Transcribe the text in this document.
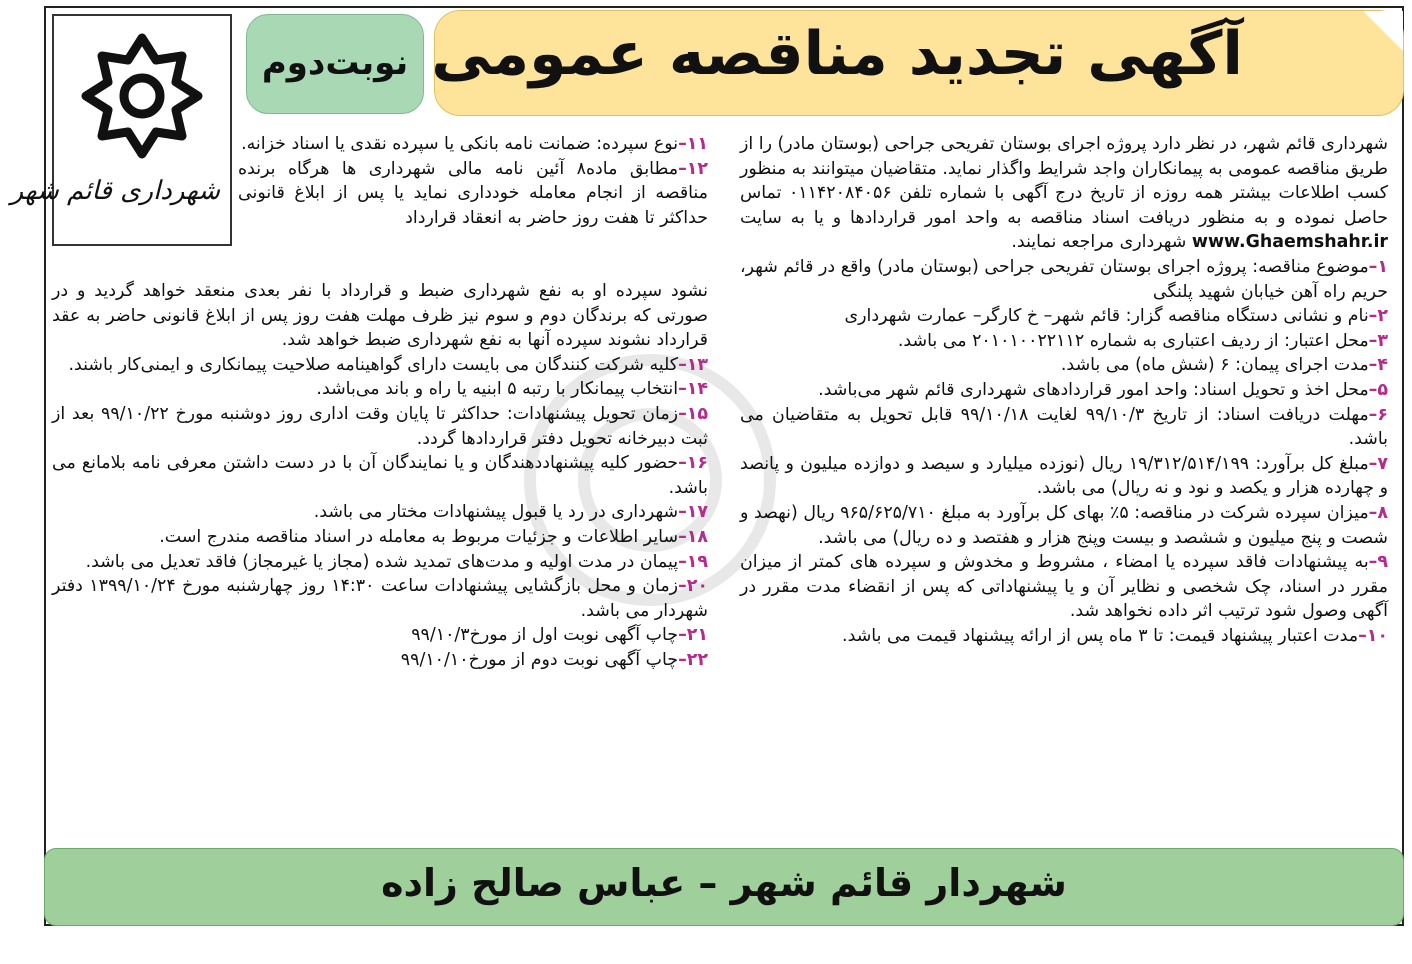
آگهی تجدید مناقصه عمومی
نوبت‌دوم
شهرداری قائم شهر

شهرداری قائم شهر، در نظر دارد پروژه اجرای بوستان تفریحی جراحی (بوستان مادر) را از طریق مناقصه عمومی به پیمانکاران واجد شرایط واگذار نماید. متقاضیان میتوانند به منظور کسب اطلاعات بیشتر همه روزه از تاریخ درج آگهی با شماره تلفن ۰۱۱۴۲۰۸۴۰۵۶ تماس حاصل نموده و به منظور دریافت اسناد مناقصه به واحد امور قراردادها و یا به سایت www.Ghaemshahr.ir شهرداری مراجعه نمایند.

۱–موضوع مناقصه: پروژه اجرای بوستان تفریحی جراحی (بوستان مادر) واقع در قائم شهر، حریم راه آهن خیابان شهید پلنگی

۲–نام و نشانی دستگاه مناقصه گزار: قائم شهر– خ کارگر– عمارت شهرداری

۳–محل اعتبار: از ردیف اعتباری به شماره ۲۰۱۰۱۰۰۲۲۱۱۲ می باشد.

۴–مدت اجرای پیمان: ۶ (شش ماه) می باشد.

۵–محل اخذ و تحویل اسناد: واحد امور قراردادهای شهرداری قائم شهر می‌باشد.

۶–مهلت دریافت اسناد: از تاریخ ۹۹/۱۰/۳ لغایت ۹۹/۱۰/۱۸ قابل تحویل به متقاضیان می باشد.

۷–مبلغ کل برآورد: ۱۹/۳۱۲/۵۱۴/۱۹۹ ریال (نوزده میلیارد و سیصد و دوازده میلیون و پانصد و چهارده هزار و یکصد و نود و نه ریال) می باشد.

۸–میزان سپرده شرکت در مناقصه: ۵٪ بهای کل برآورد به مبلغ ۹۶۵/۶۲۵/۷۱۰ ریال (نهصد و شصت و پنج میلیون و ششصد و بیست وپنج هزار و هفتصد و ده ریال) می باشد.

۹–به پیشنهادات فاقد سپرده یا امضاء ، مشروط و مخدوش و سپرده های کمتر از میزان مقرر در اسناد، چک شخصی و نظایر آن و یا پیشنهاداتی که پس از انقضاء مدت مقرر در آگهی وصول شود ترتیب اثر داده نخواهد شد.

۱۰–مدت اعتبار پیشنهاد قیمت: تا ۳ ماه پس از ارائه پیشنهاد قیمت می باشد.

۱۱–نوع سپرده: ضمانت نامه بانکی یا سپرده نقدی یا اسناد خزانه.

۱۲–مطابق ماده۸ آئین نامه مالی شهرداری ها هرگاه برنده مناقصه از انجام معامله خودداری نماید یا پس از ابلاغ قانونی حداکثر تا هفت روز حاضر به انعقاد قرارداد

نشود سپرده او به نفع شهرداری ضبط و قرارداد با نفر بعدی منعقد خواهد گردید و در صورتی که برندگان دوم و سوم نیز ظرف مهلت هفت روز پس از ابلاغ قانونی حاضر به عقد قرارداد نشوند سپرده آنها به نفع شهرداری ضبط خواهد شد.

۱۳–کلیه شرکت کنندگان می بایست دارای گواهینامه صلاحیت پیمانکاری و ایمنی‌کار باشند.

۱۴–انتخاب پیمانکار با رتبه ۵ ابنیه یا راه و باند می‌باشد.

۱۵–زمان تحویل پیشنهادات: حداکثر تا پایان وقت اداری روز دوشنبه مورخ ۹۹/۱۰/۲۲ بعد از ثبت دبیرخانه تحویل دفتر قراردادها گردد.

۱۶–حضور کلیه پیشنهاددهندگان و یا نمایندگان آن با در دست داشتن معرفی نامه بلامانع می باشد.

۱۷–شهرداری در رد یا قبول پیشنهادات مختار می باشد.

۱۸–سایر اطلاعات و جزئیات مربوط به معامله در اسناد مناقصه مندرج است.

۱۹–پیمان در مدت اولیه و مدت‌های تمدید شده (مجاز یا غیرمجاز) فاقد تعدیل می باشد.

۲۰–زمان و محل بازگشایی پیشنهادات ساعت ۱۴:۳۰ روز چهارشنبه مورخ ۱۳۹۹/۱۰/۲۴ دفتر شهردار می باشد.

۲۱–چاپ آگهی نوبت اول از مورخ۹۹/۱۰/۳

۲۲–چاپ آگهی نوبت دوم از مورخ۹۹/۱۰/۱۰

شهردار قائم شهر – عباس صالح زاده
